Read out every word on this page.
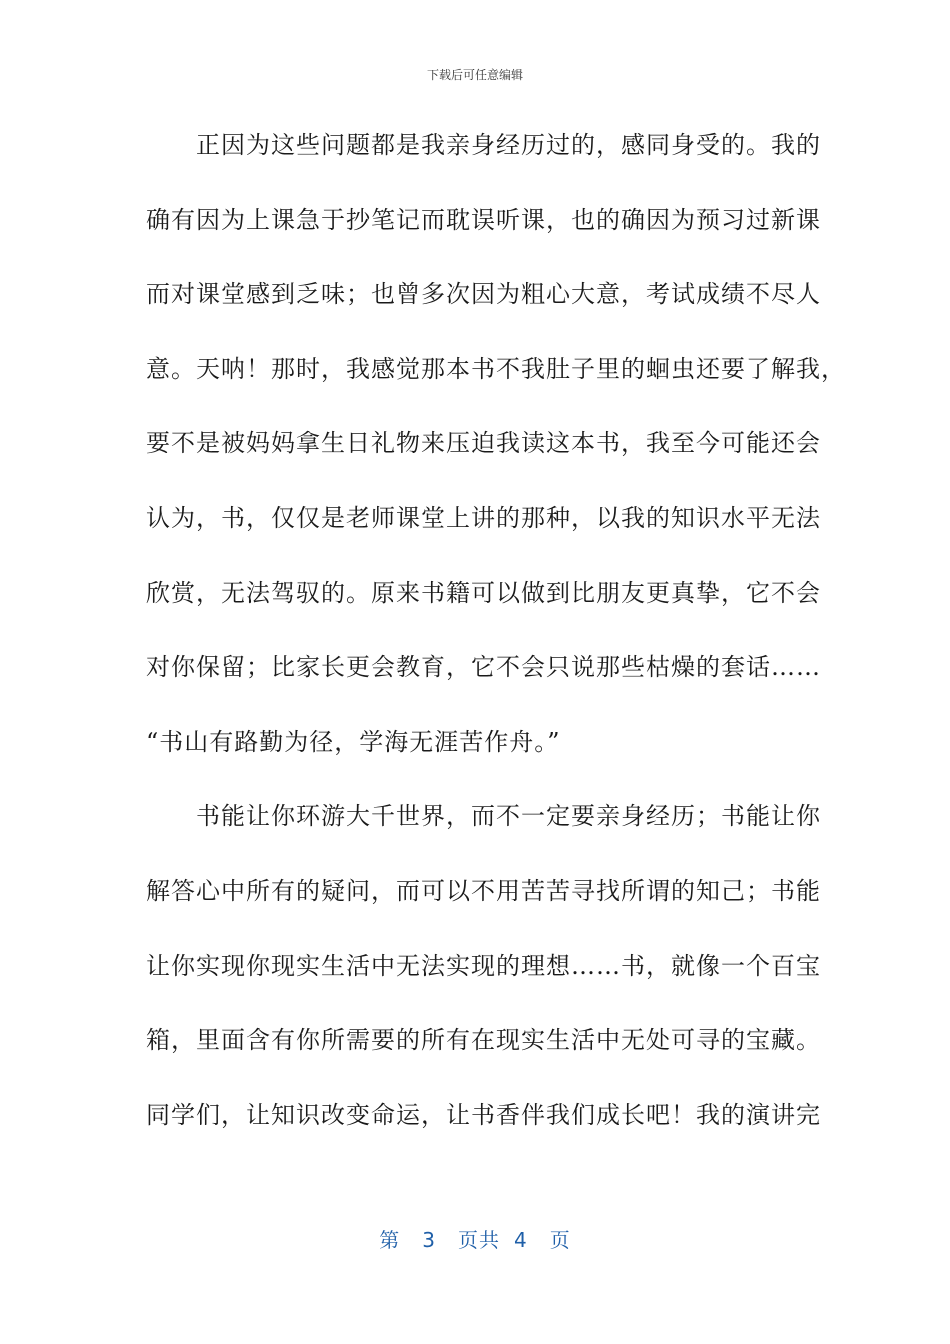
下载后可任意编辑
　　正因为这些问题都是我亲身经历过的，感同身受的。我的
确有因为上课急于抄笔记而耽误听课，也的确因为预习过新课
而对课堂感到乏味；也曾多次因为粗心大意，考试成绩不尽人
意。天呐！那时，我感觉那本书不我肚子里的蛔虫还要了解我，
要不是被妈妈拿生日礼物来压迫我读这本书，我至今可能还会
认为，书，仅仅是老师课堂上讲的那种，以我的知识水平无法
欣赏，无法驾驭的。原来书籍可以做到比朋友更真挚，它不会
对你保留；比家长更会教育，它不会只说那些枯燥的套话……
“书山有路勤为径，学海无涯苦作舟。”
　　书能让你环游大千世界，而不一定要亲身经历；书能让你
解答心中所有的疑问，而可以不用苦苦寻找所谓的知己；书能
让你实现你现实生活中无法实现的理想……书，就像一个百宝
箱，里面含有你所需要的所有在现实生活中无处可寻的宝藏。
同学们，让知识改变命运，让书香伴我们成长吧！我的演讲完
第 3 页共 4 页
